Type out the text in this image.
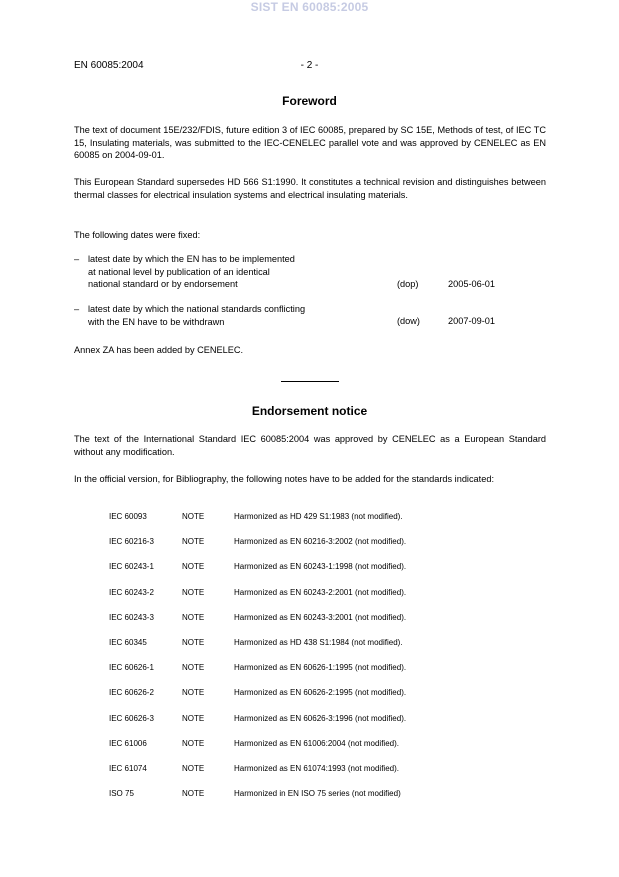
SIST EN 60085:2005
EN 60085:2004	- 2 -
Foreword
The text of document 15E/232/FDIS, future edition 3 of IEC 60085, prepared by SC 15E, Methods of test, of IEC TC 15, Insulating materials, was submitted to the IEC-CENELEC parallel vote and was approved by CENELEC as EN 60085 on 2004-09-01.
This European Standard supersedes HD 566 S1:1990. It constitutes a technical revision and distinguishes between thermal classes for electrical insulation systems and electrical insulating materials.
The following dates were fixed:
– latest date by which the EN has to be implemented
at national level by publication of an identical
national standard or by endorsement	(dop)	2005-06-01
– latest date by which the national standards conflicting
with the EN have to be withdrawn	(dow)	2007-09-01
Annex ZA has been added by CENELEC.
Endorsement notice
The text of the International Standard IEC 60085:2004 was approved by CENELEC as a European Standard without any modification.
In the official version, for Bibliography, the following notes have to be added for the standards indicated:
IEC 60093	NOTE	Harmonized as HD 429 S1:1983 (not modified).
IEC 60216-3	NOTE	Harmonized as EN 60216-3:2002 (not modified).
IEC 60243-1	NOTE	Harmonized as EN 60243-1:1998 (not modified).
IEC 60243-2	NOTE	Harmonized as EN 60243-2:2001 (not modified).
IEC 60243-3	NOTE	Harmonized as EN 60243-3:2001 (not modified).
IEC 60345	NOTE	Harmonized as HD 438 S1:1984 (not modified).
IEC 60626-1	NOTE	Harmonized as EN 60626-1:1995 (not modified).
IEC 60626-2	NOTE	Harmonized as EN 60626-2:1995 (not modified).
IEC 60626-3	NOTE	Harmonized as EN 60626-3:1996 (not modified).
IEC 61006	NOTE	Harmonized as EN 61006:2004 (not modified).
IEC 61074	NOTE	Harmonized as EN 61074:1993 (not modified).
ISO 75	NOTE	Harmonized in EN ISO 75 series (not modified)
